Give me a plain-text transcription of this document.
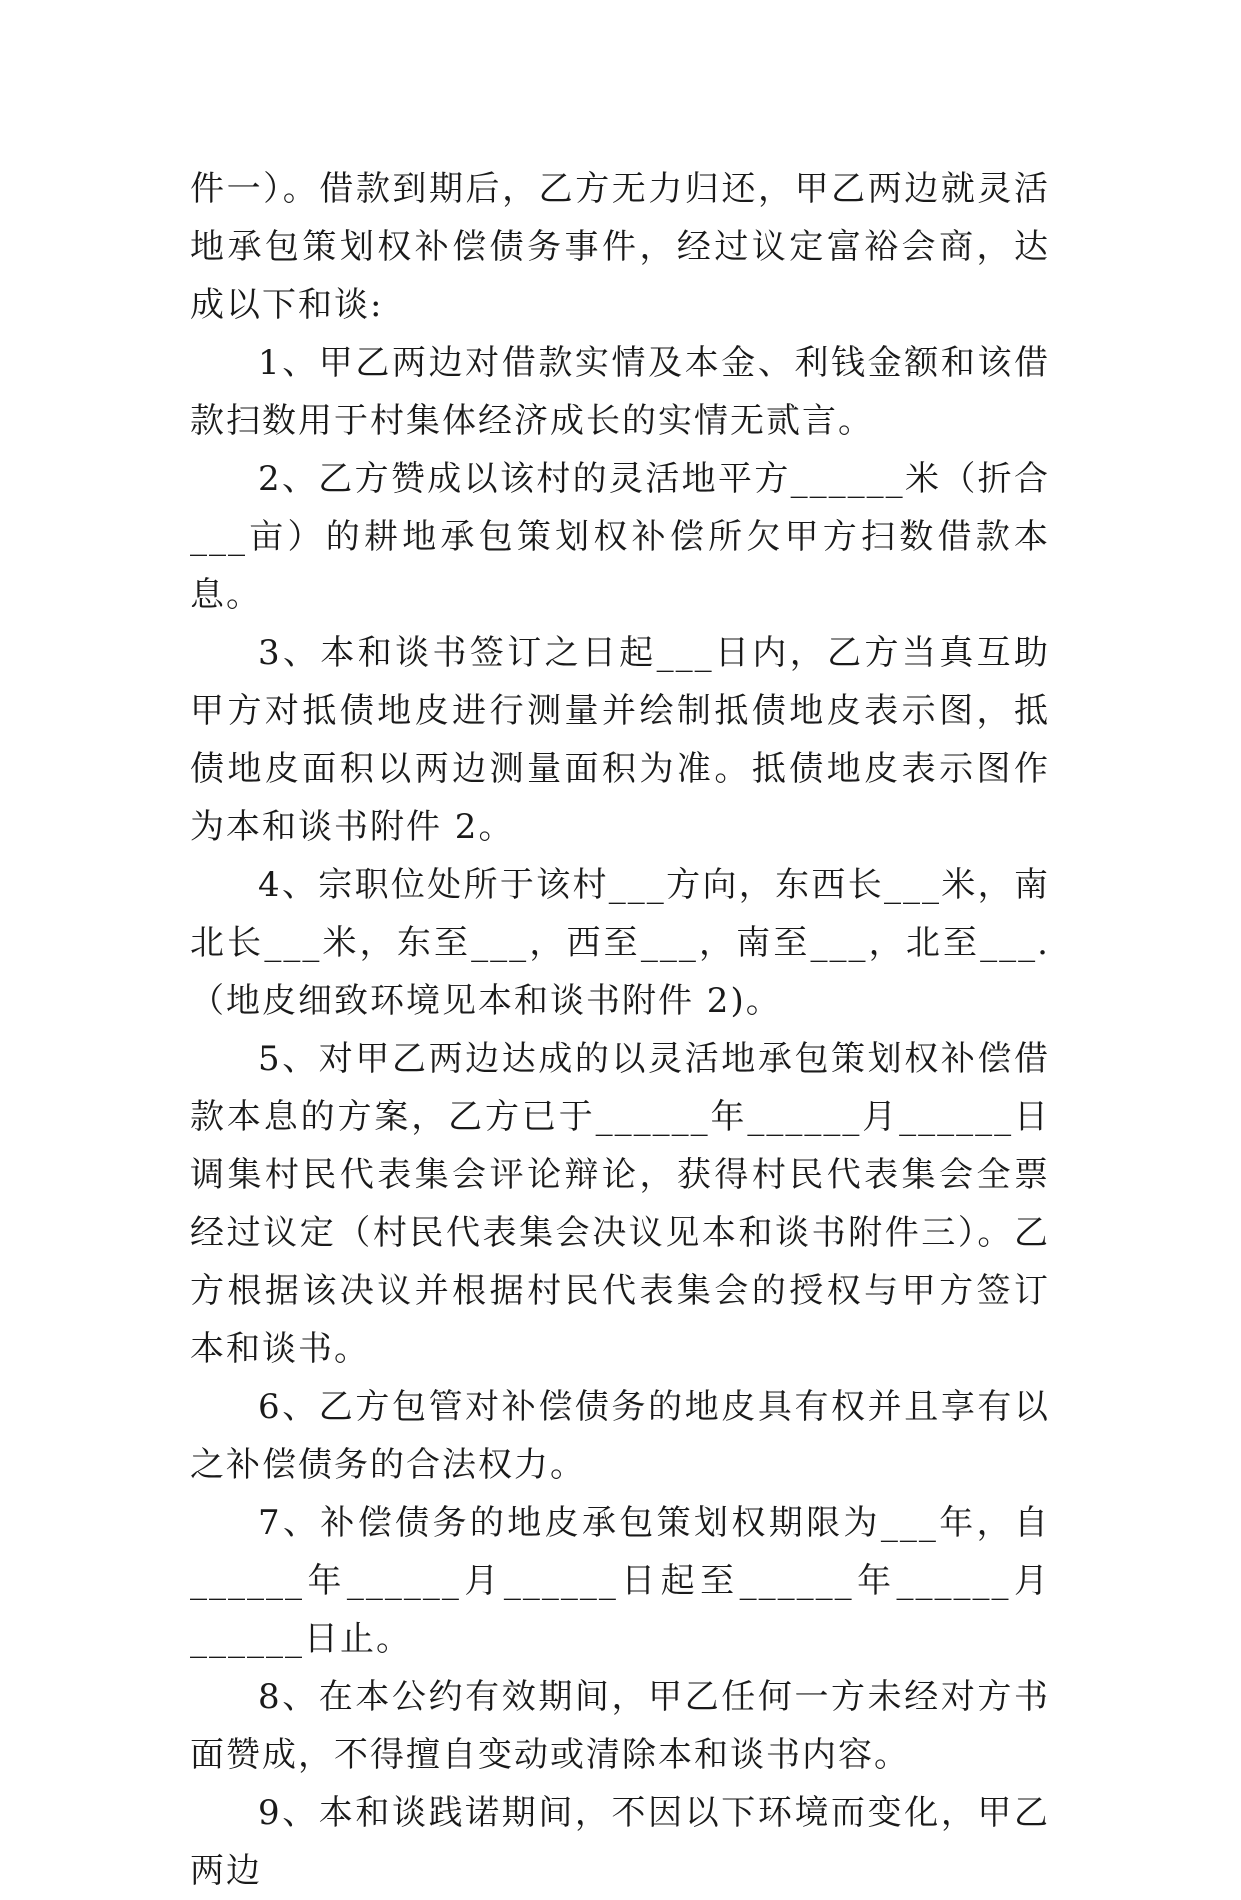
件一）。借款到期后，乙方无力归还，甲乙两边就灵活地承包策划权补偿债务事件，经过议定富裕会商，达成以下和谈:

1、甲乙两边对借款实情及本金、利钱金额和该借款扫数用于村集体经济成长的实情无贰言。

2、乙方赞成以该村的灵活地平方______米（折合___亩）的耕地承包策划权补偿所欠甲方扫数借款本息。

3、本和谈书签订之日起___日内，乙方当真互助甲方对抵债地皮进行测量并绘制抵债地皮表示图，抵债地皮面积以两边测量面积为准。抵债地皮表示图作为本和谈书附件 2。

4、宗职位处所于该村___方向，东西长___米，南北长___米，东至___，西至___，南至___，北至___.（地皮细致环境见本和谈书附件 2)。

5、对甲乙两边达成的以灵活地承包策划权补偿借款本息的方案，乙方已于______年______月______日调集村民代表集会评论辩论，获得村民代表集会全票经过议定（村民代表集会决议见本和谈书附件三）。乙方根据该决议并根据村民代表集会的授权与甲方签订本和谈书。

6、乙方包管对补偿债务的地皮具有权并且享有以之补偿债务的合法权力。

7、补偿债务的地皮承包策划权期限为___年，自______年______月______日起至______年______月______日止。

8、在本公约有效期间，甲乙任何一方未经对方书面赞成，不得擅自变动或清除本和谈书内容。

9、本和谈践诺期间，不因以下环境而变化，甲乙两边
